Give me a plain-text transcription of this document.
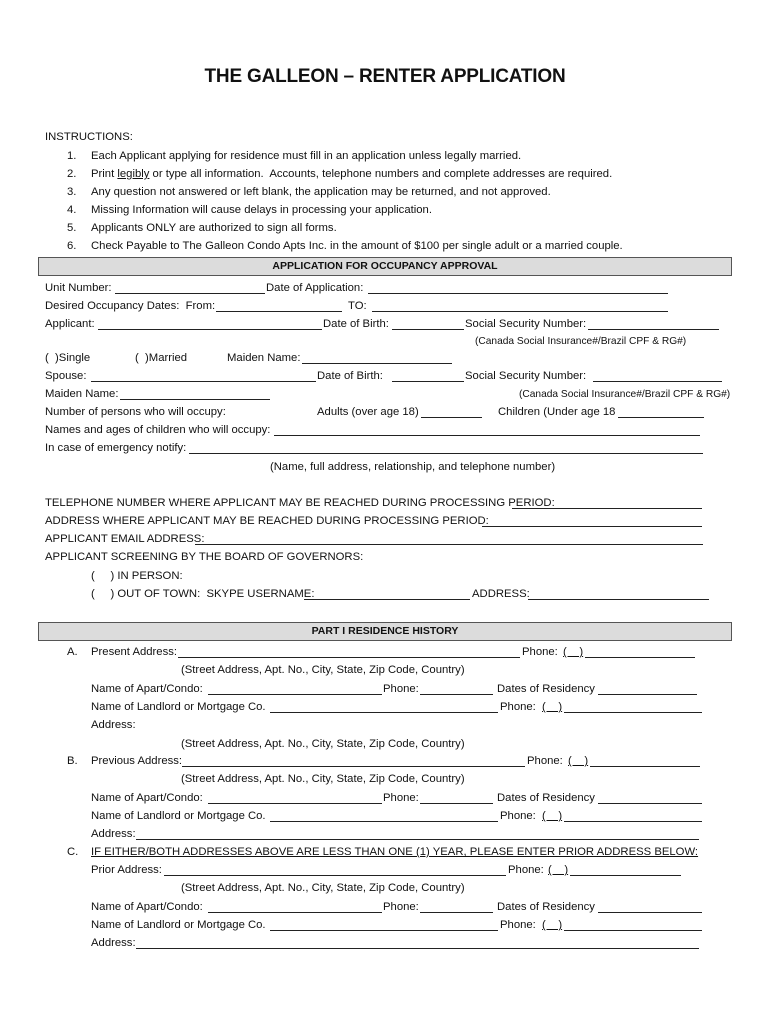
THE GALLEON – RENTER APPLICATION
INSTRUCTIONS:
1. Each Applicant applying for residence must fill in an application unless legally married.
2. Print legibly or type all information.  Accounts, telephone numbers and complete addresses are required.
3. Any question not answered or left blank, the application may be returned, and not approved.
4. Missing Information will cause delays in processing your application.
5. Applicants ONLY are authorized to sign all forms.
6. Check Payable to The Galleon Condo Apts Inc. in the amount of $100 per single adult or a married couple.
APPLICATION FOR OCCUPANCY APPROVAL
Unit Number:	Date of Application:
Desired Occupancy Dates:  From:	TO:
Applicant:	Date of Birth:	Social Security Number:
(Canada Social Insurance#/Brazil CPF & RG#)
(  )Single	(  )Married	Maiden Name:
Spouse:	Date of Birth:	Social Security Number:
Maiden Name:	(Canada Social Insurance#/Brazil CPF & RG#)
Number of persons who will occupy:	Adults (over age 18)	Children (Under age 18
Names and ages of children who will occupy:
In case of emergency notify:
(Name, full address, relationship, and telephone number)
TELEPHONE NUMBER WHERE APPLICANT MAY BE REACHED DURING PROCESSING PERIOD:
ADDRESS WHERE APPLICANT MAY BE REACHED DURING PROCESSING PERIOD:
APPLICANT EMAIL ADDRESS:
APPLICANT SCREENING BY THE BOARD OF GOVERNORS:
(     ) IN PERSON:
(     ) OUT OF TOWN:  SKYPE USERNAME:	ADDRESS:
PART I RESIDENCE HISTORY
A. Present Address:	Phone: (    )
(Street Address, Apt. No., City, State, Zip Code, Country)
Name of Apart/Condo:	Phone:	Dates of Residency
Name of Landlord or Mortgage Co.	Phone: (    )
Address:
(Street Address, Apt. No., City, State, Zip Code, Country)
B. Previous Address:	Phone: (    )
(Street Address, Apt. No., City, State, Zip Code, Country)
Name of Apart/Condo:	Phone:	Dates of Residency
Name of Landlord or Mortgage Co.	Phone: (    )
Address:
C. IF EITHER/BOTH ADDRESSES ABOVE ARE LESS THAN ONE (1) YEAR, PLEASE ENTER PRIOR ADDRESS BELOW:
Prior Address:	Phone: (    )
(Street Address, Apt. No., City, State, Zip Code, Country)
Name of Apart/Condo:	Phone:	Dates of Residency
Name of Landlord or Mortgage Co.	Phone: (    )
Address:
